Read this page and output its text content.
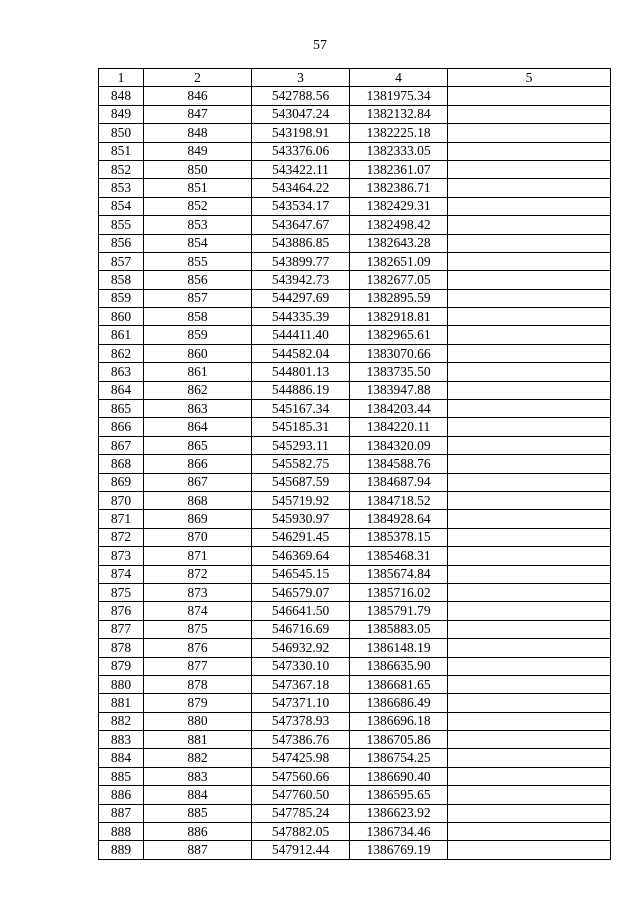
57
1	2	3	4	5
848	846	542788.56	1381975.34	
849	847	543047.24	1382132.84	
850	848	543198.91	1382225.18	
851	849	543376.06	1382333.05	
852	850	543422.11	1382361.07	
853	851	543464.22	1382386.71	
854	852	543534.17	1382429.31	
855	853	543647.67	1382498.42	
856	854	543886.85	1382643.28	
857	855	543899.77	1382651.09	
858	856	543942.73	1382677.05	
859	857	544297.69	1382895.59	
860	858	544335.39	1382918.81	
861	859	544411.40	1382965.61	
862	860	544582.04	1383070.66	
863	861	544801.13	1383735.50	
864	862	544886.19	1383947.88	
865	863	545167.34	1384203.44	
866	864	545185.31	1384220.11	
867	865	545293.11	1384320.09	
868	866	545582.75	1384588.76	
869	867	545687.59	1384687.94	
870	868	545719.92	1384718.52	
871	869	545930.97	1384928.64	
872	870	546291.45	1385378.15	
873	871	546369.64	1385468.31	
874	872	546545.15	1385674.84	
875	873	546579.07	1385716.02	
876	874	546641.50	1385791.79	
877	875	546716.69	1385883.05	
878	876	546932.92	1386148.19	
879	877	547330.10	1386635.90	
880	878	547367.18	1386681.65	
881	879	547371.10	1386686.49	
882	880	547378.93	1386696.18	
883	881	547386.76	1386705.86	
884	882	547425.98	1386754.25	
885	883	547560.66	1386690.40	
886	884	547760.50	1386595.65	
887	885	547785.24	1386623.92	
888	886	547882.05	1386734.46	
889	887	547912.44	1386769.19	
